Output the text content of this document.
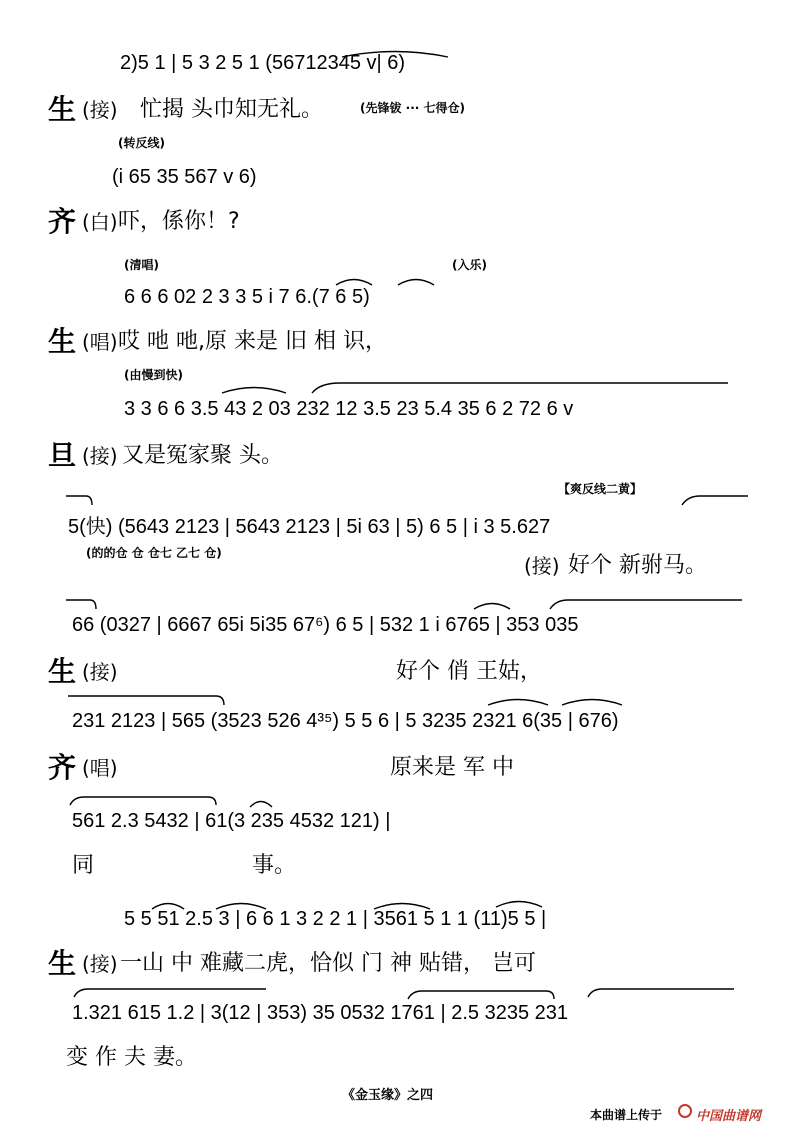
2)5 1 | 5 3 2 5 1 (56712345 v| 6)
生 (接) 忙揭 头巾知无礼。	(先锋钹 ··· 七得仓)
(转反线)
(i 65 35 567 v 6)
齐 (白) 吓，係你！?
(清唱)	(入乐)
6 6 6 02 2 3 3 5 i 7 6.(7 6 5)
生 (唱) 哎 吔 吔,原 来是 旧 相 识，
(由慢到快)
3 3 6 6 3.5 43 2 03 232 12 3.5 23 5.4 35 6 2 72 6 v
旦 (接) 又是冤家聚 头。
【爽反线二黄】
5(快) (5643 2123 | 5643 2123 | 5i 63 | 5) 6 5 | i 3 5.627
(的的仓 仓 仓七 乙七 仓)
(接) 好个 新驸马。
66 (0327 | 6667 65i 5i35 67⁶) 6 5 | 532 1 i 6765 | 353 035
生 (接)	好个 俏 王姑，
231 2123 | 565 (3523 526 4³⁵) 5 5 6 | 5 3235 2321 6(35 | 676)
齐 (唱)	原来是 军 中
561 2.3 5432 | 61(3 235 4532 121) |
同	事。
5 5 51 2.5 3 | 6 6 1 3 2 2 1 | 3561 5 1 1 (11)5 5 |
生 (接) 一山 中 难藏二虎，恰似 门 神 贴错， 岂可
1.321 615 1.2 | 3(12 | 353) 35 0532 1761 | 2.5 3235 231
变 作 夫 妻。
《金玉缘》之四
本曲谱上传于	中国曲谱网
